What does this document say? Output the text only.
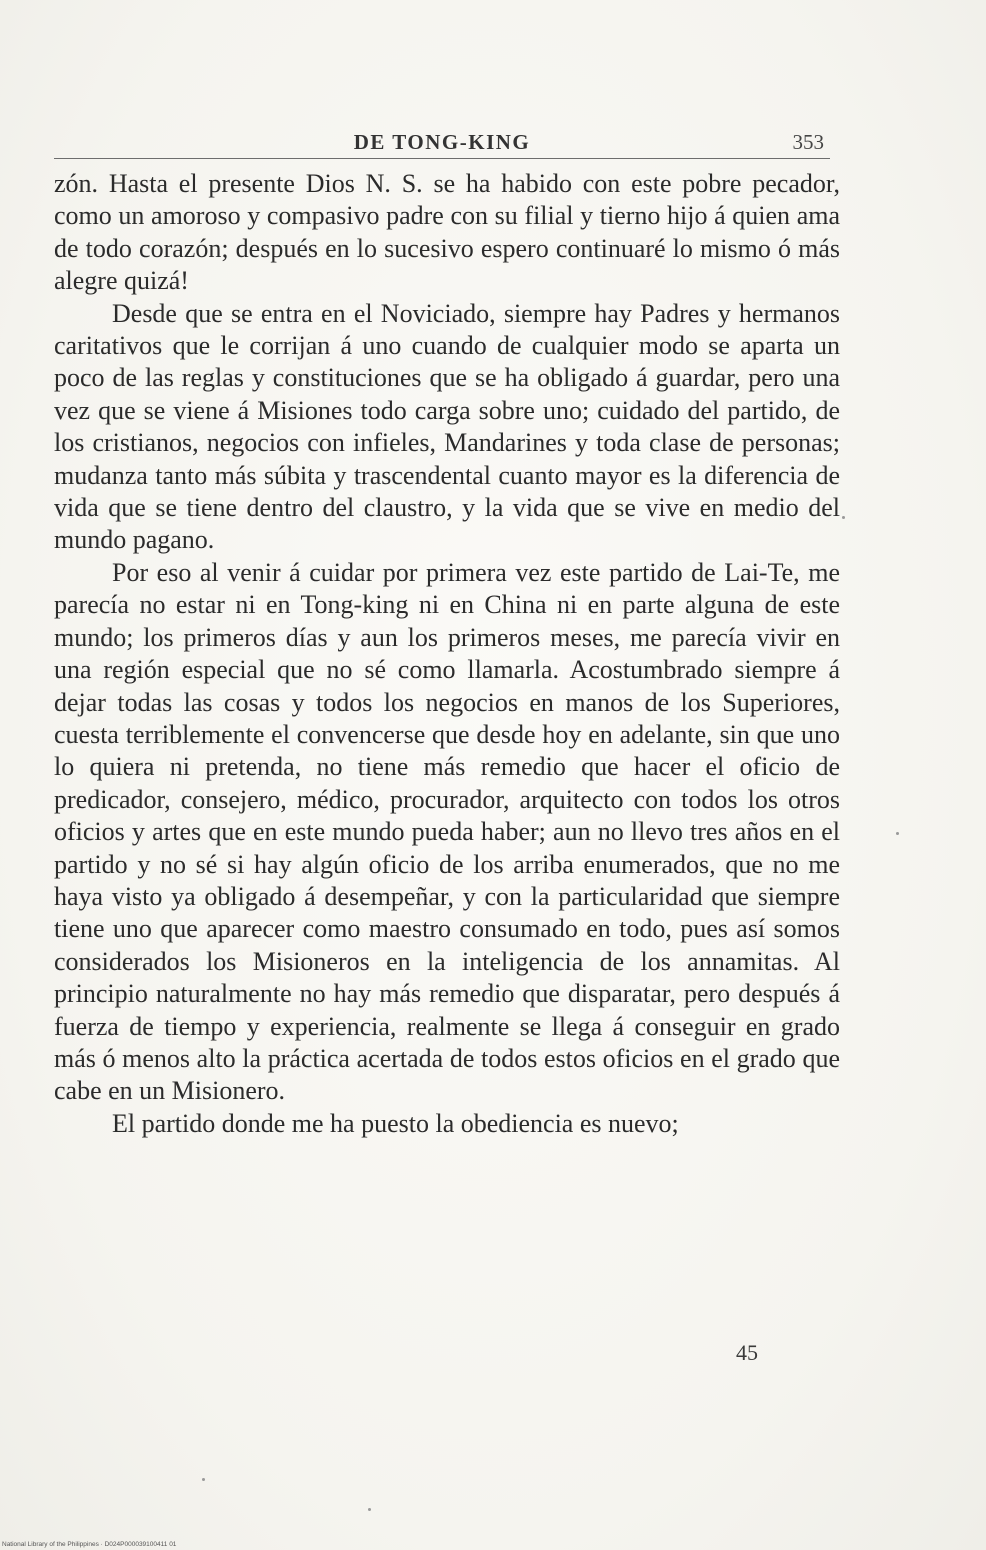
DE TONG-KING	353

zón. Hasta el presente Dios N. S. se ha habido con este pobre pecador, como un amoroso y compasivo padre con su filial y tierno hijo á quien ama de todo corazón; después en lo sucesivo espero continuaré lo mismo ó más alegre quizá!

Desde que se entra en el Noviciado, siempre hay Padres y hermanos caritativos que le corrijan á uno cuando de cualquier modo se aparta un poco de las reglas y constituciones que se ha obligado á guardar, pero una vez que se viene á Misiones todo carga sobre uno; cuidado del partido, de los cristianos, negocios con infieles, Mandarines y toda clase de personas; mudanza tanto más súbita y trascendental cuanto mayor es la diferencia de vida que se tiene dentro del claustro, y la vida que se vive en medio del mundo pagano.

Por eso al venir á cuidar por primera vez este partido de Lai-Te, me parecía no estar ni en Tong-king ni en China ni en parte alguna de este mundo; los primeros días y aun los primeros meses, me parecía vivir en una región especial que no sé como llamarla. Acostumbrado siempre á dejar todas las cosas y todos los negocios en manos de los Superiores, cuesta terriblemente el convencerse que desde hoy en adelante, sin que uno lo quiera ni pretenda, no tiene más remedio que hacer el oficio de predicador, consejero, médico, procurador, arquitecto con todos los otros oficios y artes que en este mundo pueda haber; aun no llevo tres años en el partido y no sé si hay algún oficio de los arriba enumerados, que no me haya visto ya obligado á desempeñar, y con la particularidad que siempre tiene uno que aparecer como maestro consumado en todo, pues así somos considerados los Misioneros en la inteligencia de los annamitas. Al principio naturalmente no hay más remedio que disparatar, pero después á fuerza de tiempo y experiencia, realmente se llega á conseguir en grado más ó menos alto la práctica acertada de todos estos oficios en el grado que cabe en un Misionero.

El partido donde me ha puesto la obediencia es nuevo;

45
National Library of the Philippines · D024P000039100411 01
